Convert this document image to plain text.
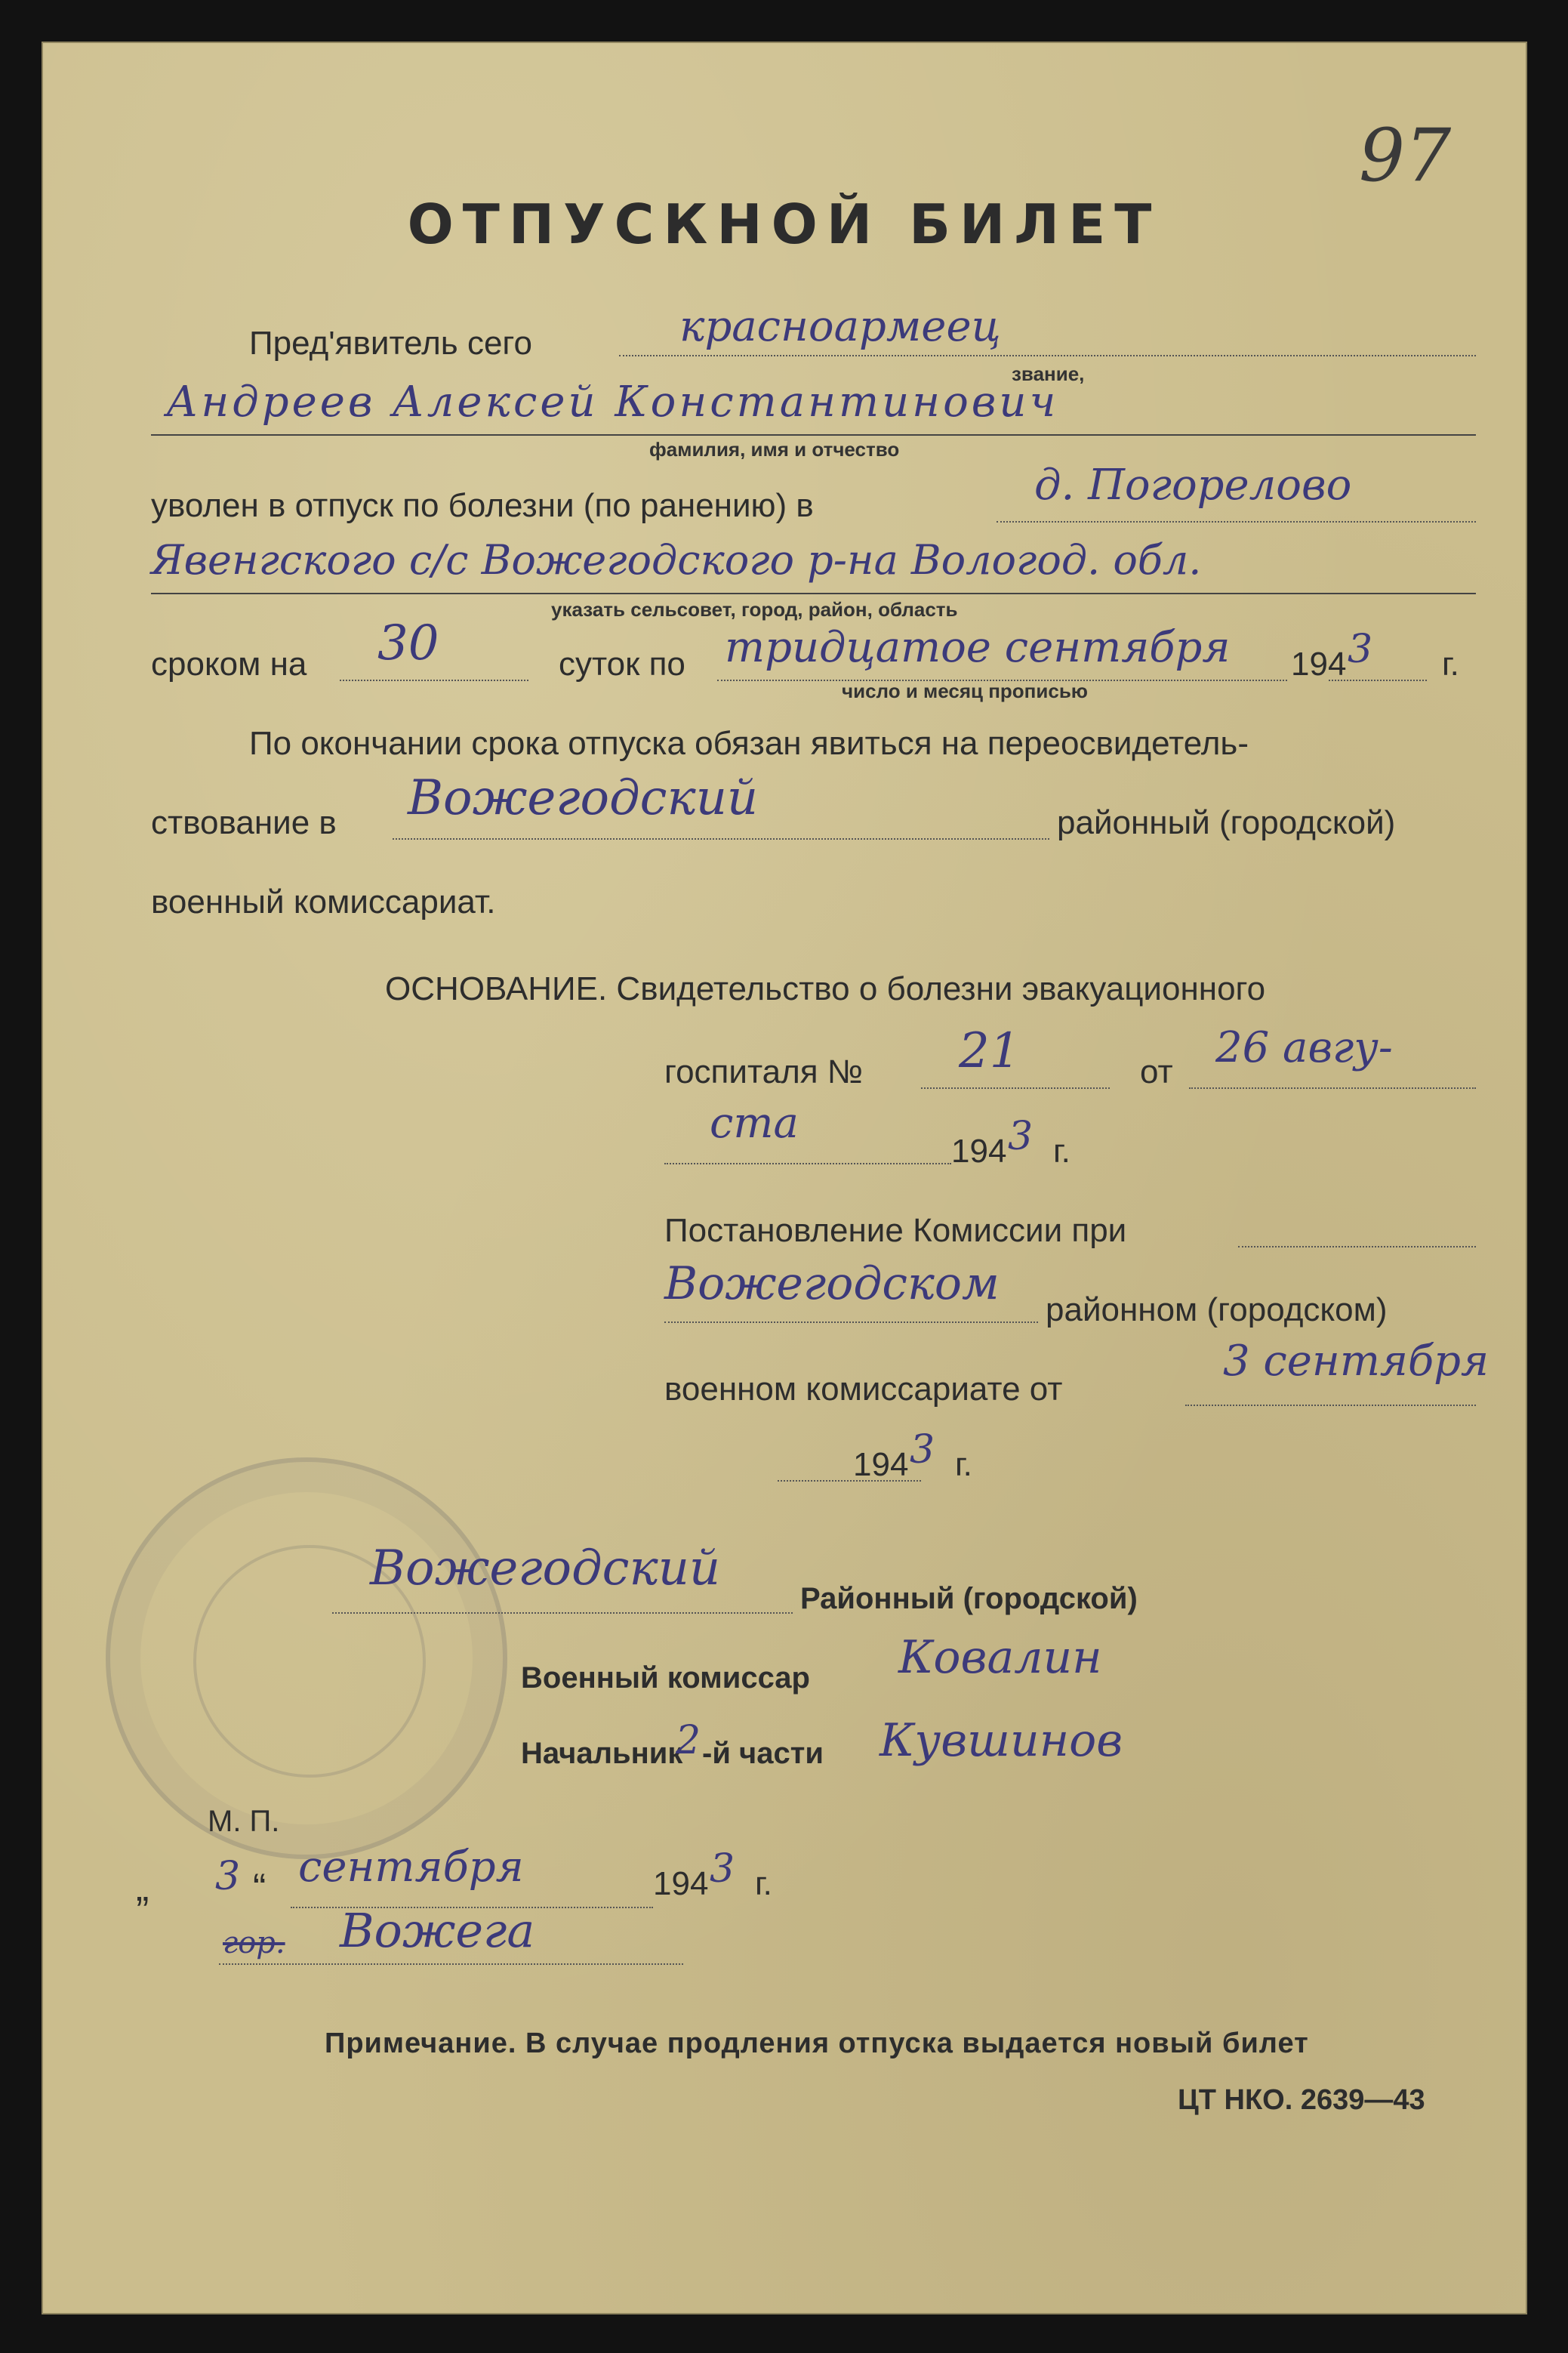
97
ОТПУСКНОЙ БИЛЕТ
Пред'явитель сего	красноармеец
звание,
Андреев Алексей Константинович
фамилия, имя и отчество
уволен в отпуск по болезни (по ранению) в	д. Погорелово
Явенгского с/с Вожегодского р-на Вологод. обл.
указать сельсовет, город, район, область
сроком на 30	суток по тридцатое сентября 194 3 г.
число и месяц прописью
По окончании срока отпуска обязан явиться на переосвидетель-
ствование в Вожегодский	районный (городской)
военный комиссариат.
ОСНОВАНИЕ. Свидетельство о болезни эвакуационного
госпиталя № 21	от 26 авгу-
ста
194 3 г.
Постановление Комиссии при
Вожегодском районном (городском)
военном комиссариате от
3 сентября
194 3 г.
Вожегодский
Районный (городской)
Военный комиссар Ковалин
Начальник
2 -й части Кувшинов
М. П.
„ 3 “ сентября	194 3 г.
гор. Вожега
Примечание. В случае продления отпуска выдается новый билет
ЦТ НКО. 2639—43
